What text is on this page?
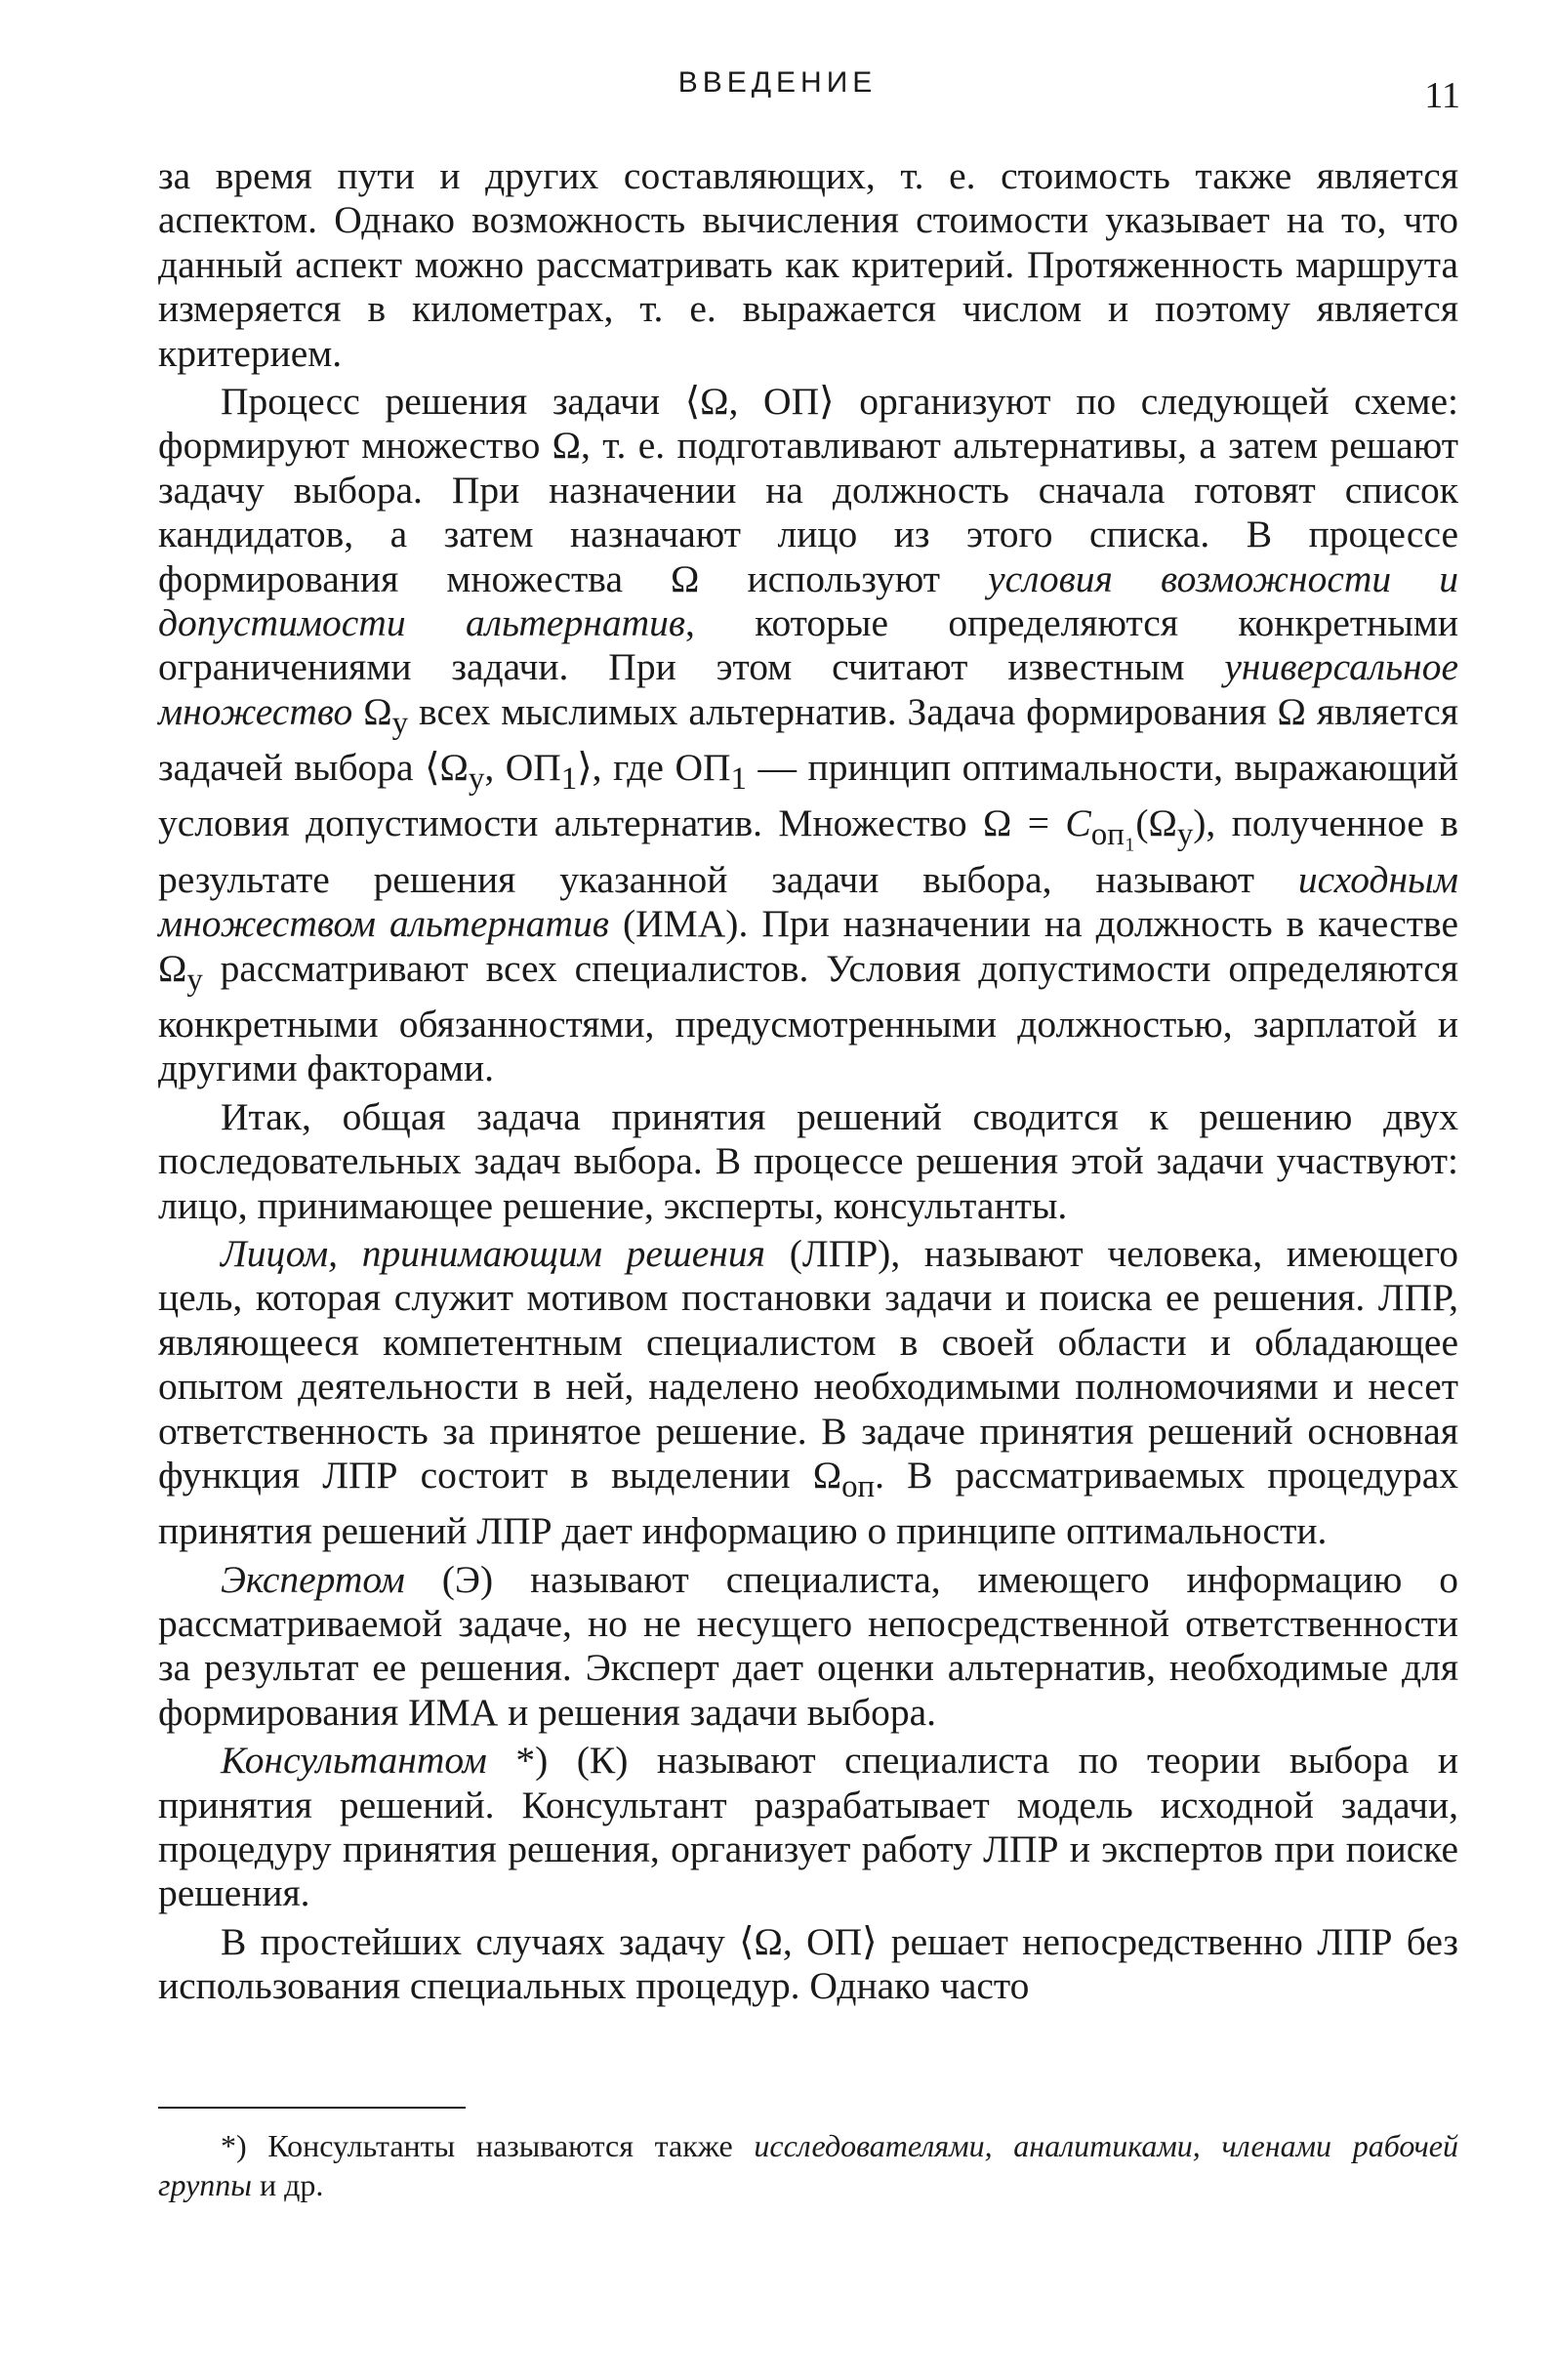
ВВЕДЕНИЕ	11

за время пути и других составляющих, т. е. стоимость также является аспектом. Однако возможность вычисления стоимости указывает на то, что данный аспект можно рассматривать как критерий. Протяженность маршрута измеряется в километрах, т. е. выражается числом и поэтому является критерием.

Процесс решения задачи ⟨Ω, ОП⟩ организуют по следующей схеме: формируют множество Ω, т. е. подготавливают альтернативы, а затем решают задачу выбора. При назначении на должность сначала готовят список кандидатов, а затем назначают лицо из этого списка. В процессе формирования множества Ω используют условия возможности и допустимости альтернатив, которые определяются конкретными ограничениями задачи. При этом считают известным универсальное множество $\Omega_у$ всех мыслимых альтернатив. Задача формирования Ω является задачей выбора $⟨\Omega_у$, $ОП_1⟩$, где $ОП_1$ — принцип оптимальности, выражающий условия допустимости альтернатив. Множество $\Omega = C_{оп_1}(\Omega_у)$, полученное в результате решения указанной задачи выбора, называют исходным множеством альтернатив (ИМА). При назначении на должность в качестве $\Omega_у$ рассматривают всех специалистов. Условия допустимости определяются конкретными обязанностями, предусмотренными должностью, зарплатой и другими факторами.

Итак, общая задача принятия решений сводится к решению двух последовательных задач выбора. В процессе решения этой задачи участвуют: лицо, принимающее решение, эксперты, консультанты.

Лицом, принимающим решения (ЛПР), называют человека, имеющего цель, которая служит мотивом постановки задачи и поиска ее решения. ЛПР, являющееся компетентным специалистом в своей области и обладающее опытом деятельности в ней, наделено необходимыми полномочиями и несет ответственность за принятое решение. В задаче принятия решений основная функция ЛПР состоит в выделении $\Omega_{оп}$. В рассматриваемых процедурах принятия решений ЛПР дает информацию о принципе оптимальности.

Экспертом (Э) называют специалиста, имеющего информацию о рассматриваемой задаче, но не несущего непосредственной ответственности за результат ее решения. Эксперт дает оценки альтернатив, необходимые для формирования ИМА и решения задачи выбора.

Консультантом *) (К) называют специалиста по теории выбора и принятия решений. Консультант разрабатывает модель исходной задачи, процедуру принятия решения, организует работу ЛПР и экспертов при поиске решения.

В простейших случаях задачу ⟨Ω, ОП⟩ решает непосредственно ЛПР без использования специальных процедур. Однако часто

*) Консультанты называются также исследователями, аналитиками, членами рабочей группы и др.
